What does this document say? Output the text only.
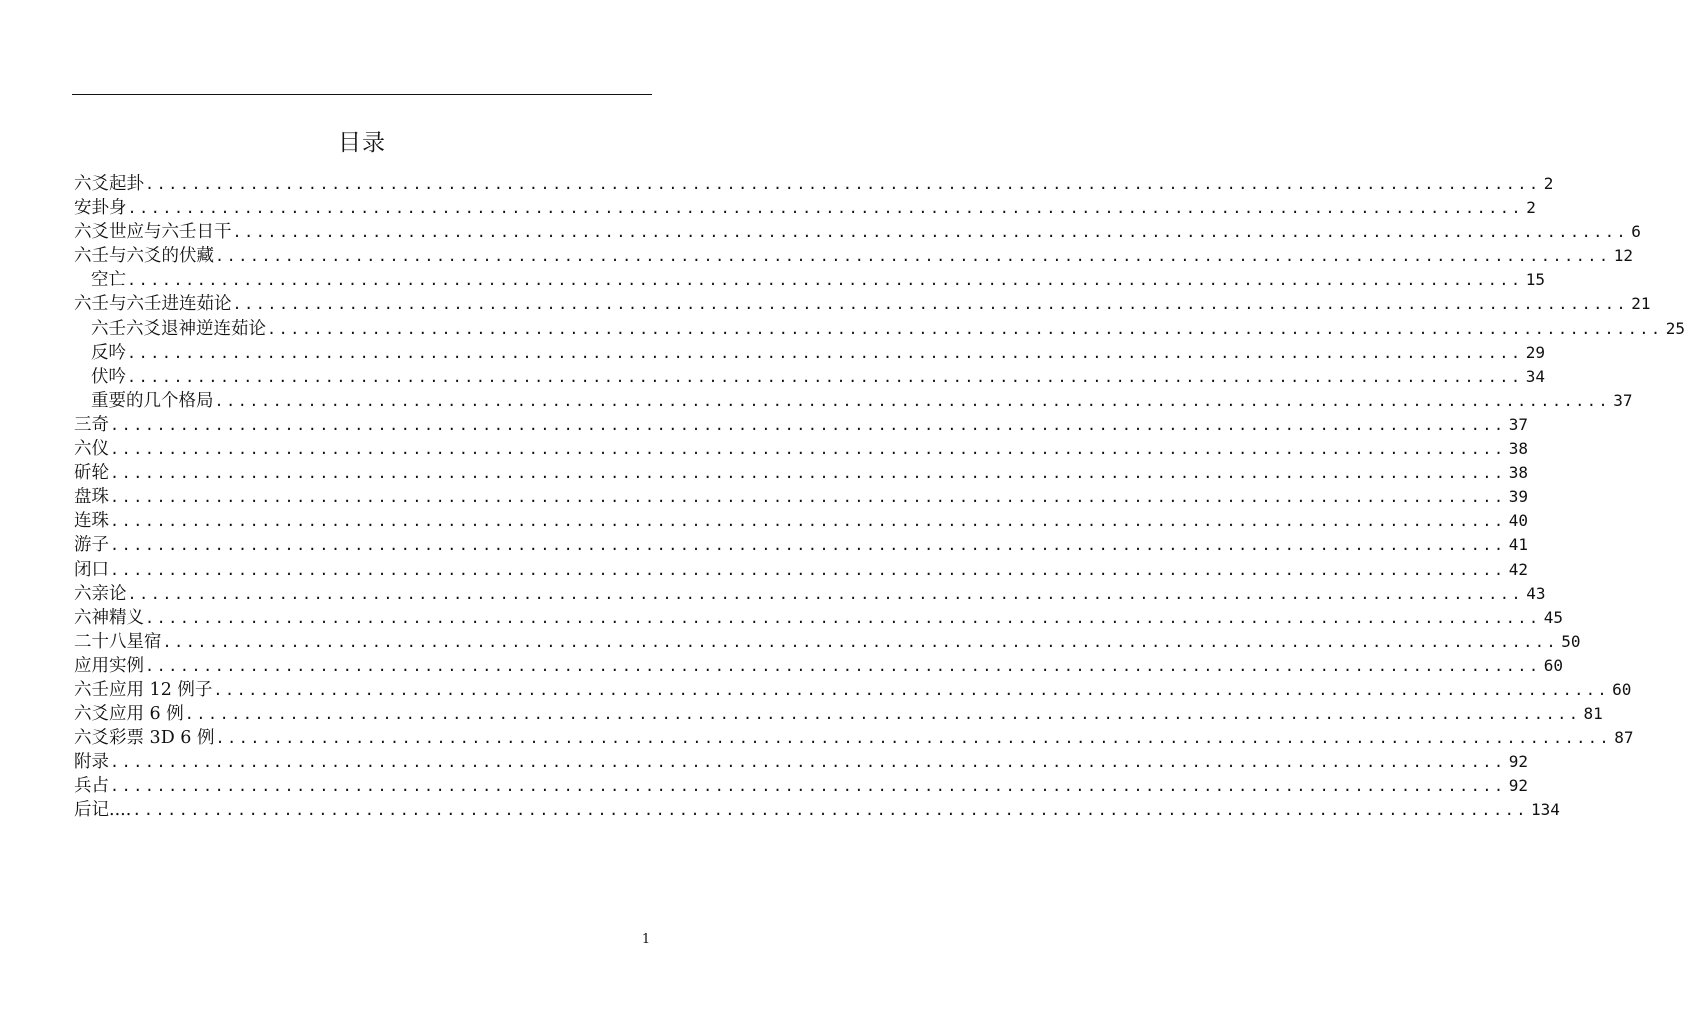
目录
六爻起卦 ........................................................................................................................ 2
安卦身 ........................................................................................................................ 2
六爻世应与六壬日干 ........................................................................................................................ 6
六壬与六爻的伏藏 ........................................................................................................................ 12
空亡 ........................................................................................................................ 15
六壬与六壬进连茹论 ........................................................................................................................ 21
六壬六爻退神逆连茹论 ........................................................................................................................ 25
反吟 ........................................................................................................................ 29
伏吟 ........................................................................................................................ 34
重要的几个格局 ........................................................................................................................ 37
三奇 ........................................................................................................................ 37
六仪 ........................................................................................................................ 38
斫轮 ........................................................................................................................ 38
盘珠 ........................................................................................................................ 39
连珠 ........................................................................................................................ 40
游子 ........................................................................................................................ 41
闭口 ........................................................................................................................ 42
六亲论 ........................................................................................................................ 43
六神精义 ........................................................................................................................ 45
二十八星宿 ........................................................................................................................ 50
应用实例 ........................................................................................................................ 60
六壬应用 12 例子 ........................................................................................................................ 60
六爻应用 6 例 ........................................................................................................................ 81
六爻彩票 3D 6 例 ........................................................................................................................ 87
附录 ........................................................................................................................ 92
兵占 ........................................................................................................................ 92
后记.... ........................................................................................................................ 134
1
